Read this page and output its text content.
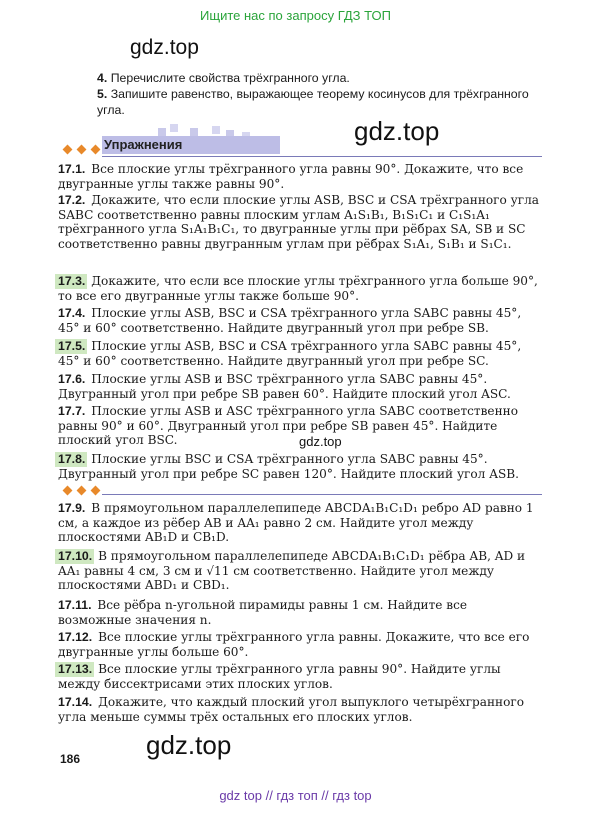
Ищите нас по запросу ГДЗ ТОП
gdz.top
4. Перечислите свойства трёхгранного угла.
5. Запишите равенство, выражающее теорему косинусов для трёхгранного угла.
gdz.top
Упражнения
17.1. Все плоские углы трёхгранного угла равны 90°. Докажите, что все двугранные углы также равны 90°.
17.2. Докажите, что если плоские углы ASB, BSC и CSA трёхгранного угла SABC соответственно равны плоским углам A₁S₁B₁, B₁S₁C₁ и C₁S₁A₁ трёхгранного угла S₁A₁B₁C₁, то двугранные углы при рёбрах SA, SB и SC соответственно равны двугранным углам при рёбрах S₁A₁, S₁B₁ и S₁C₁.
17.3. Докажите, что если все плоские углы трёхгранного угла больше 90°, то все его двугранные углы также больше 90°.
17.4. Плоские углы ASB, BSC и CSA трёхгранного угла SABC равны 45°, 45° и 60° соответственно. Найдите двугранный угол при ребре SB.
17.5. Плоские углы ASB, BSC и CSA трёхгранного угла SABC равны 45°, 45° и 60° соответственно. Найдите двугранный угол при ребре SC.
17.6. Плоские углы ASB и BSC трёхгранного угла SABC равны 45°. Двугранный угол при ребре SB равен 60°. Найдите плоский угол ASC.
17.7. Плоские углы ASB и ASC трёхгранного угла SABC соответственно равны 90° и 60°. Двугранный угол при ребре SB равен 45°. Найдите плоский угол BSC.	gdz.top
17.8. Плоские углы BSC и CSA трёхгранного угла SABC равны 45°. Двугранный угол при ребре SC равен 120°. Найдите плоский угол ASB.
17.9. В прямоугольном параллелепипеде ABCDA₁B₁C₁D₁ ребро AD равно 1 см, а каждое из рёбер AB и AA₁ равно 2 см. Найдите угол между плоскостями AB₁D и CB₁D.
17.10. В прямоугольном параллелепипеде ABCDA₁B₁C₁D₁ рёбра AB, AD и AA₁ равны 4 см, 3 см и √11 см соответственно. Найдите угол между плоскостями ABD₁ и CBD₁.
17.11. Все рёбра n-угольной пирамиды равны 1 см. Найдите все возможные значения n.
17.12. Все плоские углы трёхгранного угла равны. Докажите, что все его двугранные углы больше 60°.
17.13. Все плоские углы трёхгранного угла равны 90°. Найдите углы между биссектрисами этих плоских углов.
17.14. Докажите, что каждый плоский угол выпуклого четырёхгранного угла меньше суммы трёх остальных его плоских углов.
gdz.top
186
gdz top // гдз топ // гдз top
